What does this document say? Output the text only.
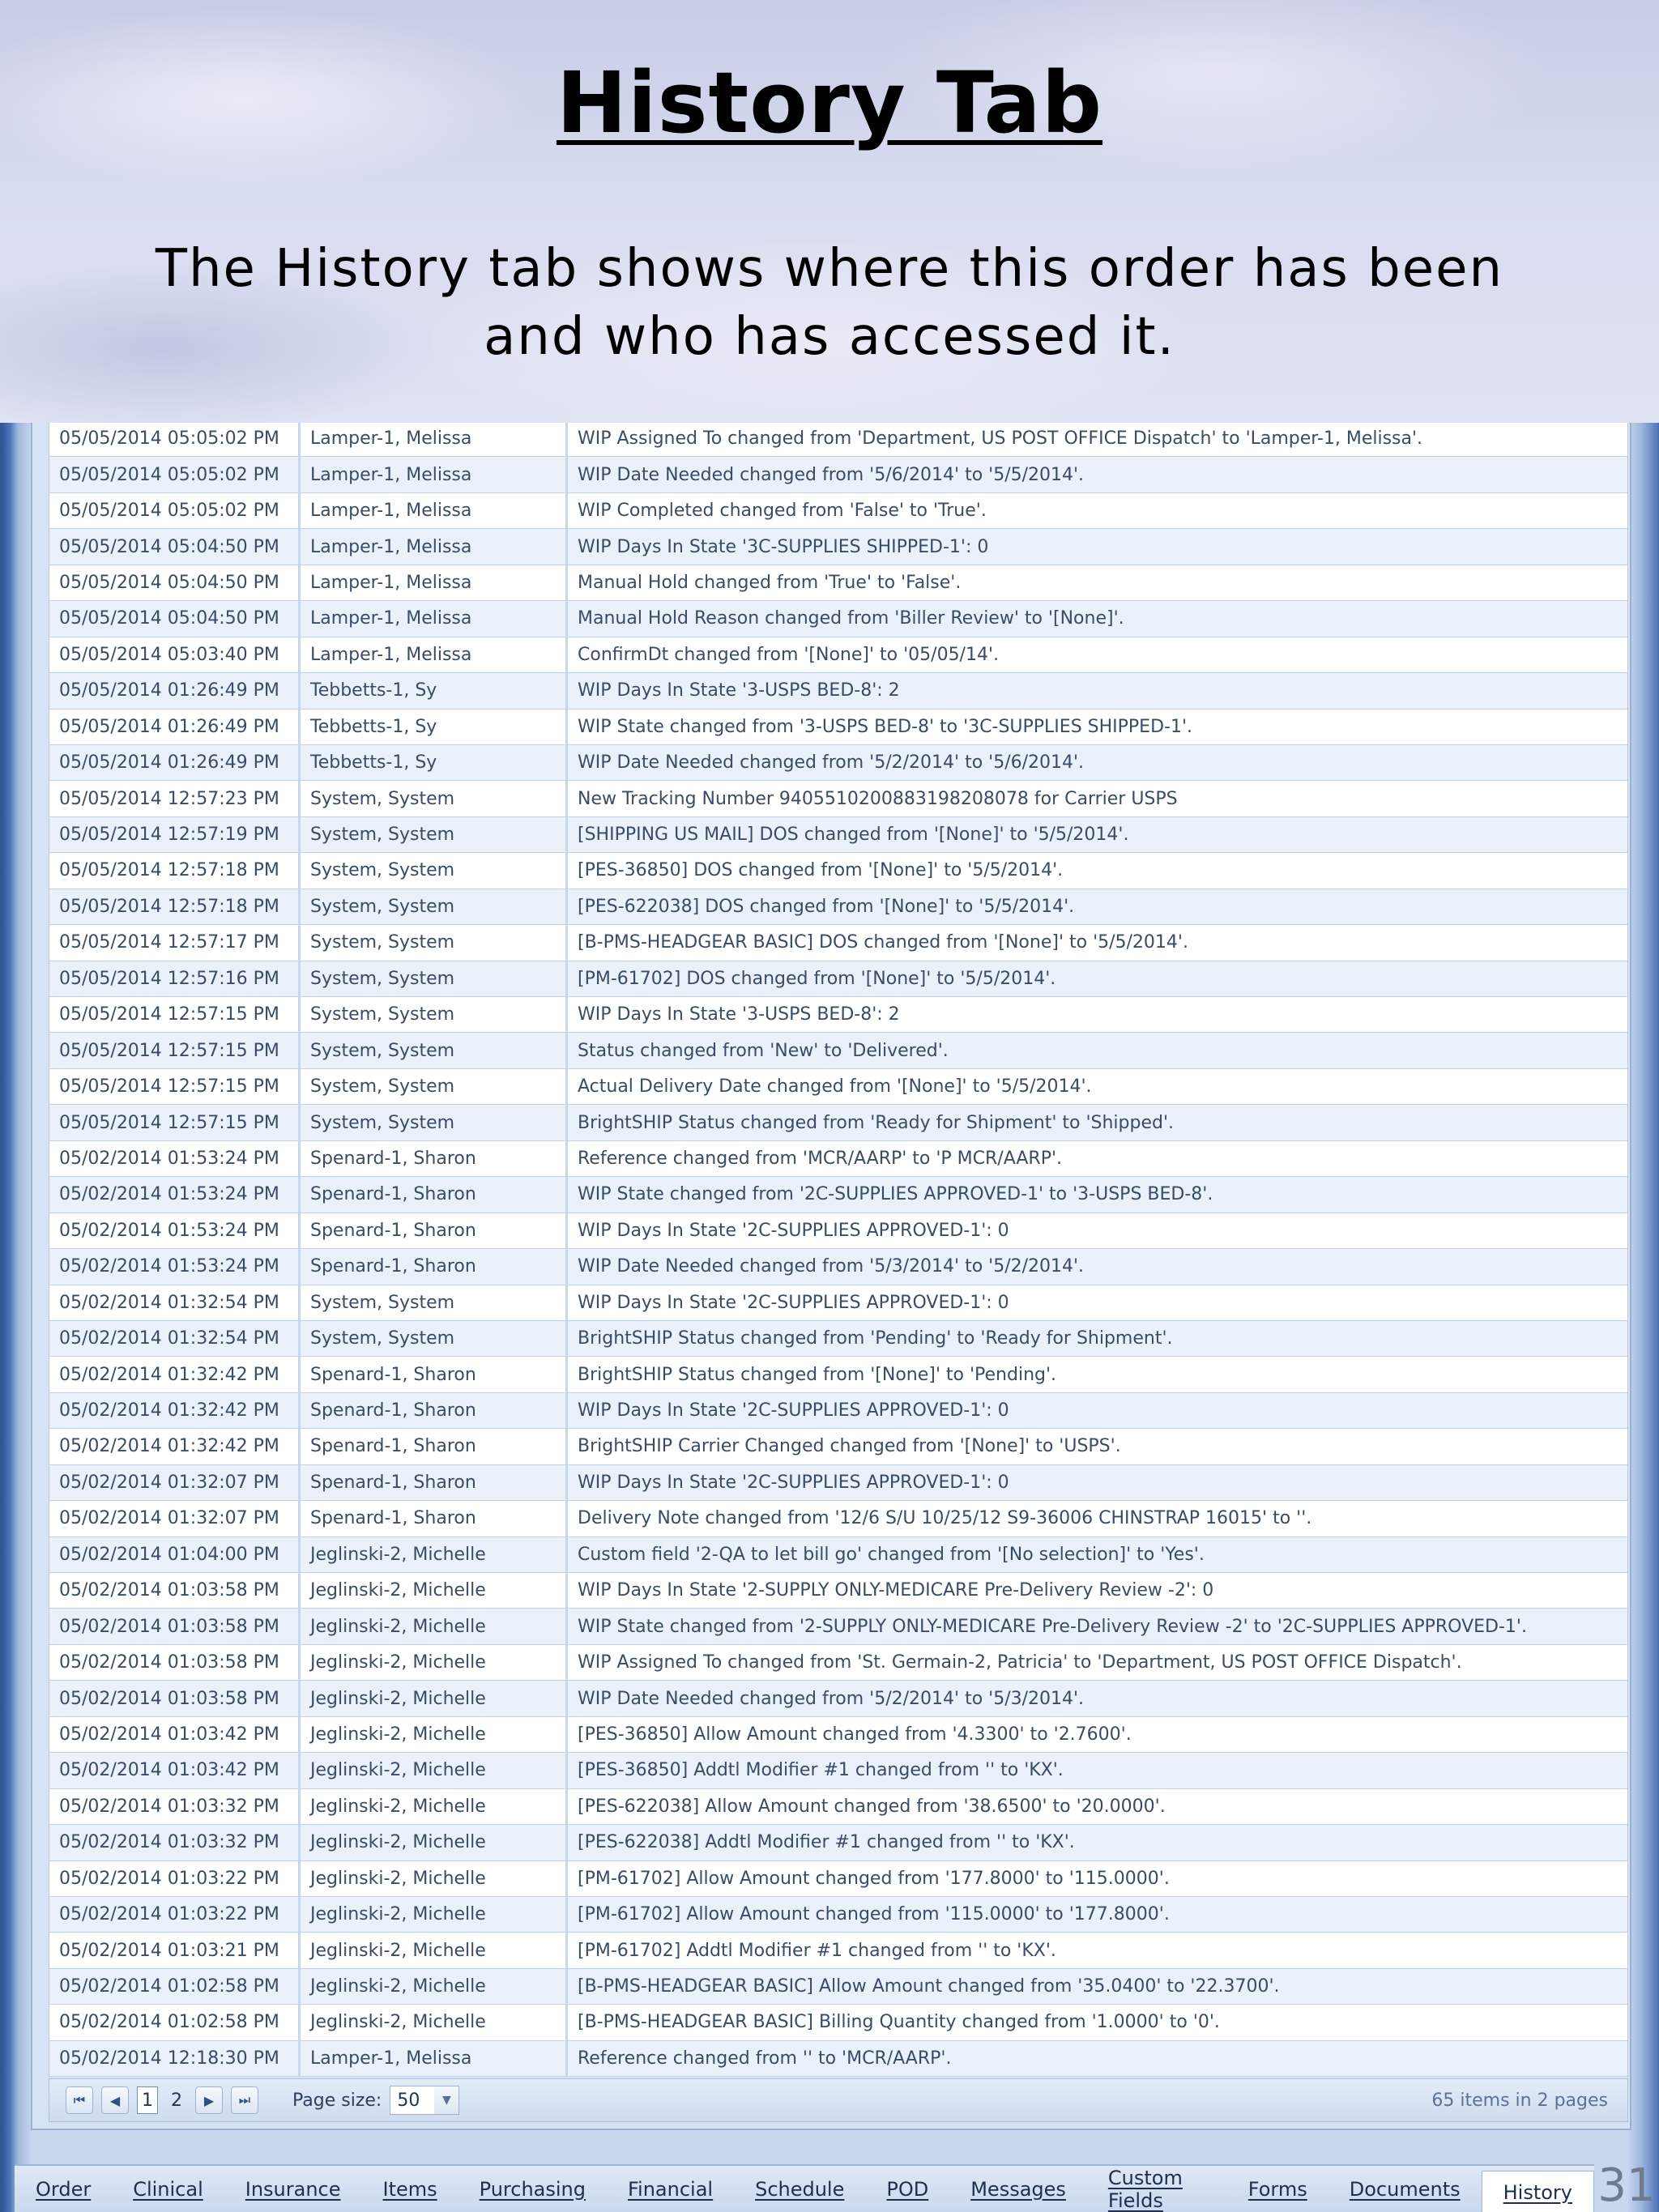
History Tab
The History tab shows where this order has been
and who has accessed it.
05/05/2014 05:05:02 PM	Lamper-1, Melissa	WIP Assigned To changed from 'Department, US POST OFFICE Dispatch' to 'Lamper-1, Melissa'.
05/05/2014 05:05:02 PM	Lamper-1, Melissa	WIP Date Needed changed from '5/6/2014' to '5/5/2014'.
05/05/2014 05:05:02 PM	Lamper-1, Melissa	WIP Completed changed from 'False' to 'True'.
05/05/2014 05:04:50 PM	Lamper-1, Melissa	WIP Days In State '3C-SUPPLIES SHIPPED-1': 0
05/05/2014 05:04:50 PM	Lamper-1, Melissa	Manual Hold changed from 'True' to 'False'.
05/05/2014 05:04:50 PM	Lamper-1, Melissa	Manual Hold Reason changed from 'Biller Review' to '[None]'.
05/05/2014 05:03:40 PM	Lamper-1, Melissa	ConfirmDt changed from '[None]' to '05/05/14'.
05/05/2014 01:26:49 PM	Tebbetts-1, Sy	WIP Days In State '3-USPS BED-8': 2
05/05/2014 01:26:49 PM	Tebbetts-1, Sy	WIP State changed from '3-USPS BED-8' to '3C-SUPPLIES SHIPPED-1'.
05/05/2014 01:26:49 PM	Tebbetts-1, Sy	WIP Date Needed changed from '5/2/2014' to '5/6/2014'.
05/05/2014 12:57:23 PM	System, System	New Tracking Number 9405510200883198208078 for Carrier USPS
05/05/2014 12:57:19 PM	System, System	[SHIPPING US MAIL] DOS changed from '[None]' to '5/5/2014'.
05/05/2014 12:57:18 PM	System, System	[PES-36850] DOS changed from '[None]' to '5/5/2014'.
05/05/2014 12:57:18 PM	System, System	[PES-622038] DOS changed from '[None]' to '5/5/2014'.
05/05/2014 12:57:17 PM	System, System	[B-PMS-HEADGEAR BASIC] DOS changed from '[None]' to '5/5/2014'.
05/05/2014 12:57:16 PM	System, System	[PM-61702] DOS changed from '[None]' to '5/5/2014'.
05/05/2014 12:57:15 PM	System, System	WIP Days In State '3-USPS BED-8': 2
05/05/2014 12:57:15 PM	System, System	Status changed from 'New' to 'Delivered'.
05/05/2014 12:57:15 PM	System, System	Actual Delivery Date changed from '[None]' to '5/5/2014'.
05/05/2014 12:57:15 PM	System, System	BrightSHIP Status changed from 'Ready for Shipment' to 'Shipped'.
05/02/2014 01:53:24 PM	Spenard-1, Sharon	Reference changed from 'MCR/AARP' to 'P MCR/AARP'.
05/02/2014 01:53:24 PM	Spenard-1, Sharon	WIP State changed from '2C-SUPPLIES APPROVED-1' to '3-USPS BED-8'.
05/02/2014 01:53:24 PM	Spenard-1, Sharon	WIP Days In State '2C-SUPPLIES APPROVED-1': 0
05/02/2014 01:53:24 PM	Spenard-1, Sharon	WIP Date Needed changed from '5/3/2014' to '5/2/2014'.
05/02/2014 01:32:54 PM	System, System	WIP Days In State '2C-SUPPLIES APPROVED-1': 0
05/02/2014 01:32:54 PM	System, System	BrightSHIP Status changed from 'Pending' to 'Ready for Shipment'.
05/02/2014 01:32:42 PM	Spenard-1, Sharon	BrightSHIP Status changed from '[None]' to 'Pending'.
05/02/2014 01:32:42 PM	Spenard-1, Sharon	WIP Days In State '2C-SUPPLIES APPROVED-1': 0
05/02/2014 01:32:42 PM	Spenard-1, Sharon	BrightSHIP Carrier Changed changed from '[None]' to 'USPS'.
05/02/2014 01:32:07 PM	Spenard-1, Sharon	WIP Days In State '2C-SUPPLIES APPROVED-1': 0
05/02/2014 01:32:07 PM	Spenard-1, Sharon	Delivery Note changed from '12/6 S/U 10/25/12 S9-36006 CHINSTRAP 16015' to ''.
05/02/2014 01:04:00 PM	Jeglinski-2, Michelle	Custom field '2-QA to let bill go' changed from '[No selection]' to 'Yes'.
05/02/2014 01:03:58 PM	Jeglinski-2, Michelle	WIP Days In State '2-SUPPLY ONLY-MEDICARE Pre-Delivery Review -2': 0
05/02/2014 01:03:58 PM	Jeglinski-2, Michelle	WIP State changed from '2-SUPPLY ONLY-MEDICARE Pre-Delivery Review -2' to '2C-SUPPLIES APPROVED-1'.
05/02/2014 01:03:58 PM	Jeglinski-2, Michelle	WIP Assigned To changed from 'St. Germain-2, Patricia' to 'Department, US POST OFFICE Dispatch'.
05/02/2014 01:03:58 PM	Jeglinski-2, Michelle	WIP Date Needed changed from '5/2/2014' to '5/3/2014'.
05/02/2014 01:03:42 PM	Jeglinski-2, Michelle	[PES-36850] Allow Amount changed from '4.3300' to '2.7600'.
05/02/2014 01:03:42 PM	Jeglinski-2, Michelle	[PES-36850] Addtl Modifier #1 changed from '' to 'KX'.
05/02/2014 01:03:32 PM	Jeglinski-2, Michelle	[PES-622038] Allow Amount changed from '38.6500' to '20.0000'.
05/02/2014 01:03:32 PM	Jeglinski-2, Michelle	[PES-622038] Addtl Modifier #1 changed from '' to 'KX'.
05/02/2014 01:03:22 PM	Jeglinski-2, Michelle	[PM-61702] Allow Amount changed from '177.8000' to '115.0000'.
05/02/2014 01:03:22 PM	Jeglinski-2, Michelle	[PM-61702] Allow Amount changed from '115.0000' to '177.8000'.
05/02/2014 01:03:21 PM	Jeglinski-2, Michelle	[PM-61702] Addtl Modifier #1 changed from '' to 'KX'.
05/02/2014 01:02:58 PM	Jeglinski-2, Michelle	[B-PMS-HEADGEAR BASIC] Allow Amount changed from '35.0400' to '22.3700'.
05/02/2014 01:02:58 PM	Jeglinski-2, Michelle	[B-PMS-HEADGEAR BASIC] Billing Quantity changed from '1.0000' to '0'.
05/02/2014 12:18:30 PM	Lamper-1, Melissa	Reference changed from '' to 'MCR/AARP'.
⏮	◀	1 2	▶	⏭	Page size: 50	▼	65 items in 2 pages
Order	Clinical	Insurance	Items	Purchasing	Financial	Schedule	POD	Messages	Custom Fields	Forms	Documents	History 31
